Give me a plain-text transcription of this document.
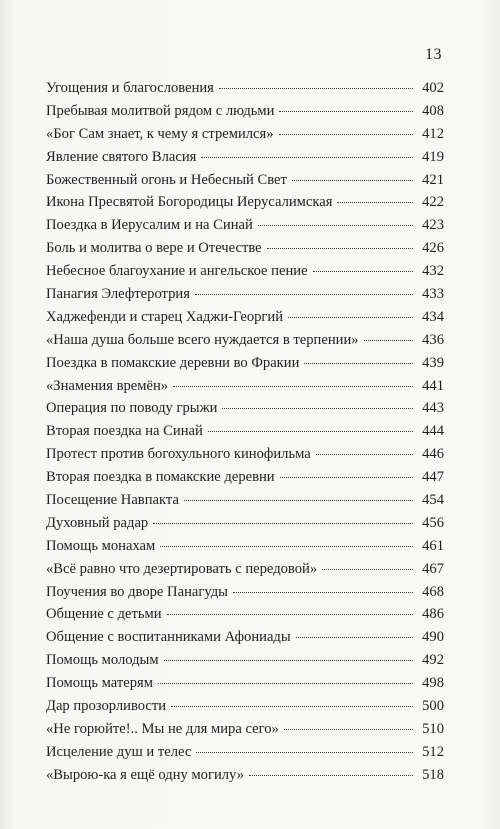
13
Угощения и благословения	402
Пребывая молитвой рядом с людьми	408
«Бог Сам знает, к чему я стремился»	412
Явление святого Власия	419
Божественный огонь и Небесный Свет	421
Икона Пресвятой Богородицы Иерусалимская	422
Поездка в Иерусалим и на Синай	423
Боль и молитва о вере и Отечестве	426
Небесное благоухание и ангельское пение	432
Панагия Элефтеротрия	433
Хаджефенди и старец Хаджи-Георгий	434
«Наша душа больше всего нуждается в терпении»	436
Поездка в помакские деревни во Фракии	439
«Знамения времён»	441
Операция по поводу грыжи	443
Вторая поездка на Синай	444
Протест против богохульного кинофильма	446
Вторая поездка в помакские деревни	447
Посещение Навпакта	454
Духовный радар	456
Помощь монахам	461
«Всё равно что дезертировать с передовой»	467
Поучения во дворе Панагуды	468
Общение с детьми	486
Общение с воспитанниками Афониады	490
Помощь молодым	492
Помощь матерям	498
Дар прозорливости	500
«Не горюйте!.. Мы не для мира сего»	510
Исцеление душ и телес	512
«Вырою-ка я ещё одну могилу»	518
